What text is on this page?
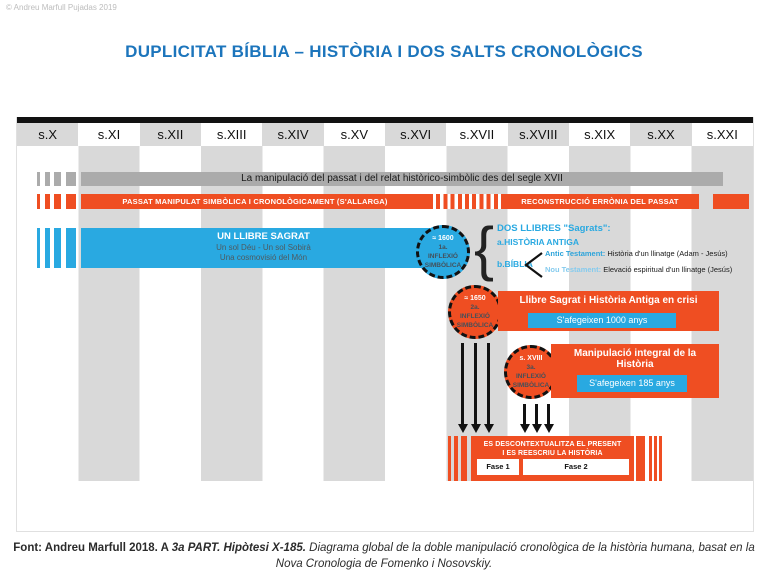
© Andreu Marfull Pujadas 2019
DUPLICITAT BÍBLIA – HISTÒRIA I DOS SALTS CRONOLÒGICS
s.X	s.XI	s.XII	s.XIII	s.XIV	s.XV	s.XVI	s.XVII	s.XVIII	s.XIX	s.XX	s.XXI
La manipulació del passat i del relat històrico-simbòlic des del segle XVII
PASSAT MANIPULAT SIMBÒLICA I CRONOLÒGICAMENT (S'ALLARGA)	RECONSTRUCCIÓ ERRÒNIA DEL PASSAT
UN LLIBRE SAGRAT
Un sol Déu - Un sol Sobirà
Una cosmovisió del Món
≈ 1600
1a.
INFLEXIÓ
SIMBÒLICA
≈ 1650
2a.
INFLEXIÓ
SIMBÒLICA
s. XVIII
3a.
INFLEXIÓ
SIMBÒLICA
{ DOS LLIBRES "Sagrats":
a.HISTÒRIA ANTIGA
b.BÍBLIA
Antic Testament: Història d'un llinatge (Adam - Jesús)
Nou Testament: Elevació espiritual d'un llinatge (Jesús)
Llibre Sagrat i Història Antiga en crisi
S'afegeixen 1000 anys
Manipulació integral de la
Història
S'afegeixen 185 anys
ES DESCONTEXTUALITZA EL PRESENT
I ES REESCRIU LA HISTÒRIA
Fase 1	Fase 2
Font: Andreu Marfull 2018. A 3a PART. Hipòtesi X-185. Diagrama global de la doble manipulació cronològica de la història humana, basat en la
Nova Cronologia de Fomenko i Nosovskiy.
